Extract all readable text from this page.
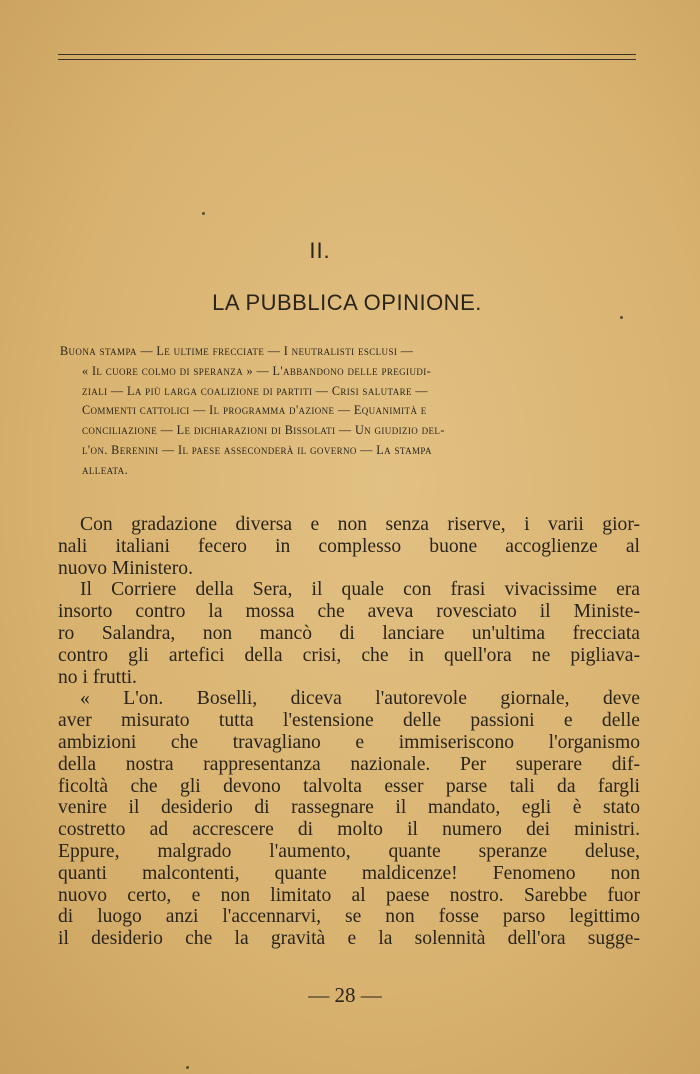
II.
LA PUBBLICA OPINIONE.
Buona stampa — Le ultime frecciate — I neutralisti esclusi —
« Il cuore colmo di speranza » — L'abbandono delle pregiudi-
ziali — La più larga coalizione di partiti — Crisi salutare —
Commenti cattolici — Il programma d'azione — Equanimità e
conciliazione — Le dichiarazioni di Bissolati — Un giudizio del-
l'on. Berenini — Il paese asseconderà il governo — La stampa
alleata.
Con gradazione diversa e non senza riserve, i varii gior-
nali italiani fecero in complesso buone accoglienze al
nuovo Ministero.
Il Corriere della Sera, il quale con frasi vivacissime era
insorto contro la mossa che aveva rovesciato il Ministe-
ro Salandra, non mancò di lanciare un'ultima frecciata
contro gli artefici della crisi, che in quell'ora ne pigliava-
no i frutti.
« L'on. Boselli, diceva l'autorevole giornale, deve
aver misurato tutta l'estensione delle passioni e delle
ambizioni che travagliano e immiseriscono l'organismo
della nostra rappresentanza nazionale. Per superare dif-
ficoltà che gli devono talvolta esser parse tali da fargli
venire il desiderio di rassegnare il mandato, egli è stato
costretto ad accrescere di molto il numero dei ministri.
Eppure, malgrado l'aumento, quante speranze deluse,
quanti malcontenti, quante maldicenze! Fenomeno non
nuovo certo, e non limitato al paese nostro. Sarebbe fuor
di luogo anzi l'accennarvi, se non fosse parso legittimo
il desiderio che la gravità e la solennità dell'ora sugge-
— 28 —
